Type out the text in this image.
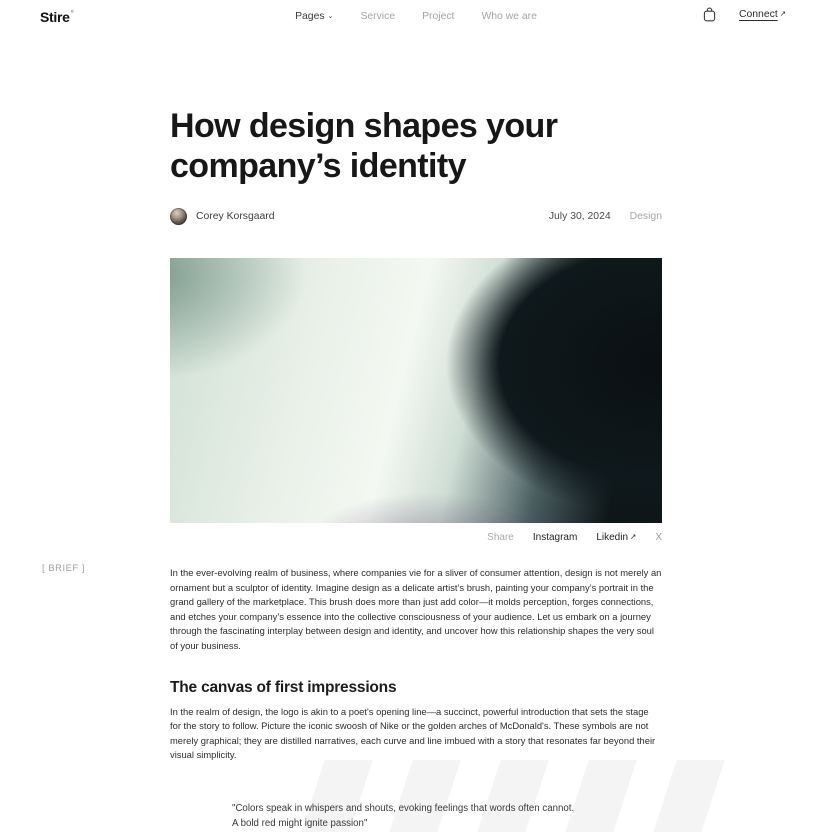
Stire°	Pages ⌄	Service	Project	Who we are	Connect ↗
How design shapes your company’s identity
Corey Korsgaard	July 30, 2024 Design
Share Instagram Likedin ↗ X
[ BRIEF ]	In the ever-evolving realm of business, where companies vie for a sliver of consumer attention, design is not merely an ornament but a sculptor of identity. Imagine design as a delicate artist’s brush, painting your company’s portrait in the grand gallery of the marketplace. This brush does more than just add color—it molds perception, forges connections, and etches your company’s essence into the collective consciousness of your audience. Let us embark on a journey through the fascinating interplay between design and identity, and uncover how this relationship shapes the very soul of your business.

The canvas of first impressions

In the realm of design, the logo is akin to a poet's opening line—a succinct, powerful introduction that sets the stage for the story to follow. Picture the iconic swoosh of Nike or the golden arches of McDonald's. These symbols are not merely graphical; they are distilled narratives, each curve and line imbued with a story that resonates far beyond their visual simplicity.

"Colors speak in whispers and shouts, evoking feelings that words often cannot.
A bold red might ignite passion"
